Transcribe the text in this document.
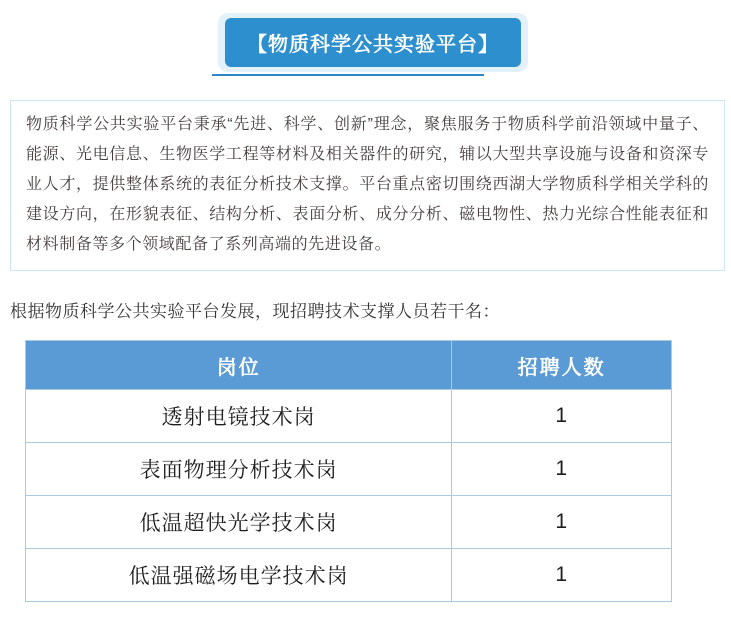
【物质科学公共实验平台】
物质科学公共实验平台秉承“先进、科学、创新”理念，聚焦服务于物质科学前沿领域中量子、能源、光电信息、生物医学工程等材料及相关器件的研究，辅以大型共享设施与设备和资深专业人才，提供整体系统的表征分析技术支撑。平台重点密切围绕西湖大学物质科学相关学科的建设方向，在形貌表征、结构分析、表面分析、成分分析、磁电物性、热力光综合性能表征和材料制备等多个领域配备了系列高端的先进设备。
根据物质科学公共实验平台发展，现招聘技术支撑人员若干名：
岗位	招聘人数
透射电镜技术岗	1
表面物理分析技术岗	1
低温超快光学技术岗	1
低温强磁场电学技术岗	1
